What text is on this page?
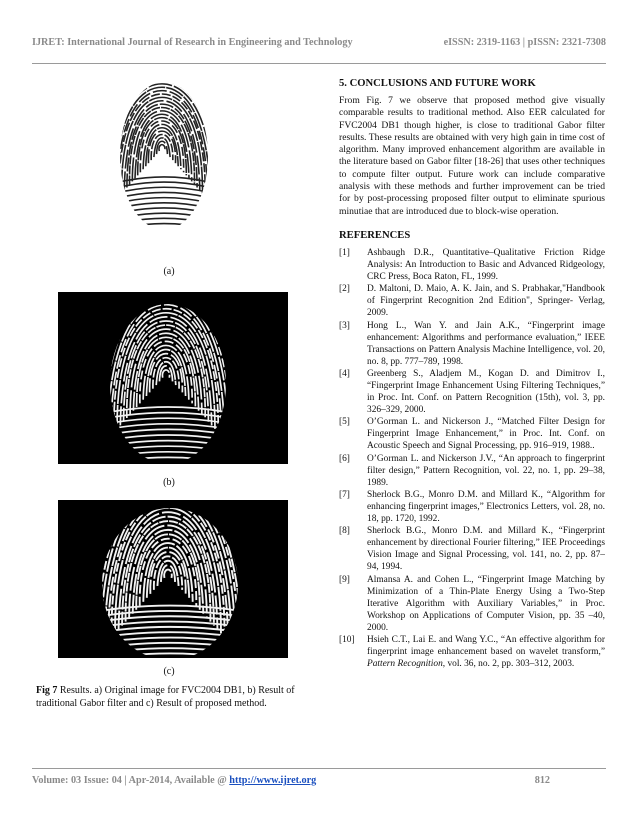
IJRET: International Journal of Research in Engineering and Technology	eISSN: 2319-1163 | pISSN: 2321-7308
(a)
(b)
(c)
Fig 7 Results. a) Original image for FVC2004 DB1, b) Result of traditional Gabor filter and c) Result of proposed method.
5. CONCLUSIONS AND FUTURE WORK

From Fig. 7 we observe that proposed method give visually comparable results to traditional method. Also EER calculated for FVC2004 DB1 though higher, is close to traditional Gabor filter results. These results are obtained with very high gain in time cost of algorithm. Many improved enhancement algorithm are available in the literature based on Gabor filter [18-26] that uses other techniques to compute filter output. Future work can include comparative analysis with these methods and further improvement can be tried for by post-processing proposed filter output to eliminate spurious minutiae that are introduced due to block-wise operation.

REFERENCES
[1]	Ashbaugh D.R., Quantitative–Qualitative Friction Ridge Analysis: An Introduction to Basic and Advanced Ridgeology, CRC Press, Boca Raton, FL, 1999.
[2]	D. Maltoni, D. Maio, A. K. Jain, and S. Prabhakar,"Handbook of Fingerprint Recognition 2nd Edition", Springer- Verlag, 2009.
[3]	Hong L., Wan Y. and Jain A.K., “Fingerprint image enhancement: Algorithms and performance evaluation,” IEEE Transactions on Pattern Analysis Machine Intelligence, vol. 20, no. 8, pp. 777–789, 1998.
[4]	Greenberg S., Aladjem M., Kogan D. and Dimitrov I., “Fingerprint Image Enhancement Using Filtering Techniques,” in Proc. Int. Conf. on Pattern Recognition (15th), vol. 3, pp. 326–329, 2000.
[5]	O’Gorman L. and Nickerson J., “Matched Filter Design for Fingerprint Image Enhancement,” in Proc. Int. Conf. on Acoustic Speech and Signal Processing, pp. 916–919, 1988..
[6]	O’Gorman L. and Nickerson J.V., “An approach to fingerprint filter design,” Pattern Recognition, vol. 22, no. 1, pp. 29–38, 1989.
[7]	Sherlock B.G., Monro D.M. and Millard K., “Algorithm for enhancing fingerprint images,” Electronics Letters, vol. 28, no. 18, pp. 1720, 1992.
[8]	Sherlock B.G., Monro D.M. and Millard K., “Fingerprint enhancement by directional Fourier filtering,” IEE Proceedings Vision Image and Signal Processing, vol. 141, no. 2, pp. 87–94, 1994.
[9]	Almansa A. and Cohen L., “Fingerprint Image Matching by Minimization of a Thin-Plate Energy Using a Two-Step Iterative Algorithm with Auxiliary Variables,” in Proc. Workshop on Applications of Computer Vision, pp. 35 –40, 2000.
[10]	Hsieh C.T., Lai E. and Wang Y.C., “An effective algorithm for fingerprint image enhancement based on wavelet transform,” Pattern Recognition, vol. 36, no. 2, pp. 303–312, 2003.
Volume: 03 Issue: 04 | Apr-2014, Available @ http://www.ijret.org	812
